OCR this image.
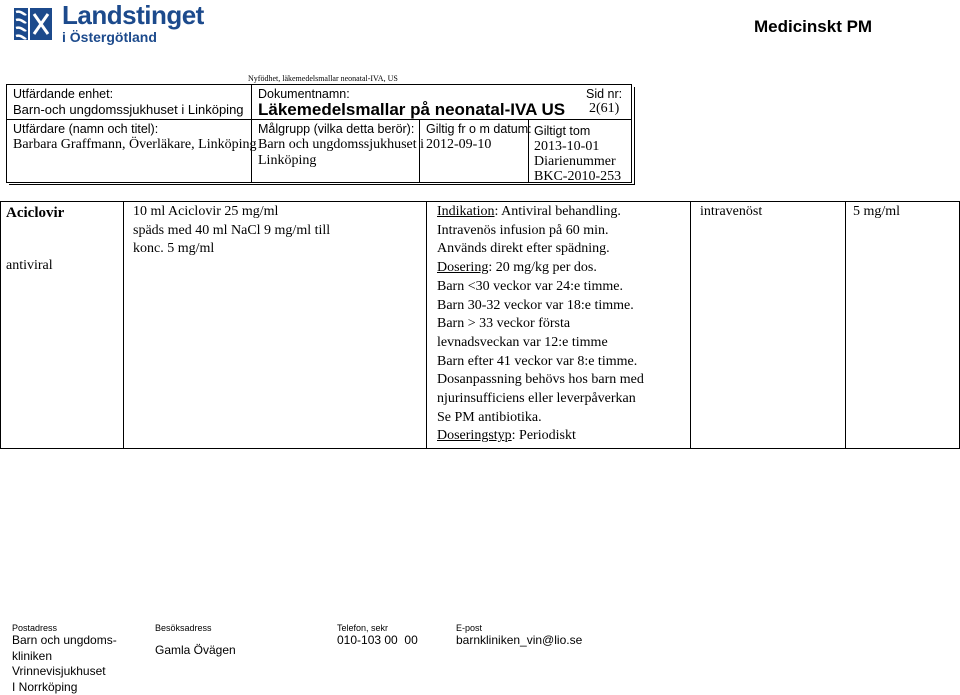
Landstinget
i Östergötland
Medicinskt PM
Nyfödhet, läkemedelsmallar neonatal-IVA, US
Utfärdande enhet:
Barn-och ungdomssjukhuset i Linköping
Dokumentnamn:
Läkemedelsmallar på neonatal-IVA US
Sid nr:
2(61)
Utfärdare (namn och titel):
Barbara Graffmann, Överläkare, Linköping
Målgrupp (vilka detta berör):
Barn och ungdomssjukhuset i
Linköping
Giltig fr o m datum:
2012-09-10
Giltigt tom
2013-10-01
Diarienummer
BKC-2010-253
Aciclovir
antiviral
10 ml Aciclovir 25 mg/ml
späds med 40 ml NaCl 9 mg/ml till
konc. 5 mg/ml
Indikation: Antiviral behandling.
Intravenös infusion på 60 min.
Används direkt efter spädning.
Dosering: 20 mg/kg per dos.
Barn <30 veckor var 24:e timme.
Barn 30-32 veckor var 18:e timme.
Barn > 33 veckor första
levnadsveckan var 12:e timme
Barn efter 41 veckor var 8:e timme.
Dosanpassning behövs hos barn med
njurinsufficiens eller leverpåverkan
Se PM antibiotika.
Doseringstyp: Periodiskt
intravenöst	5 mg/ml
Postadress
Barn och ungdoms-
kliniken
Vrinnevisjukhuset
I Norrköping
Besöksadress
Gamla Övägen
Telefon, sekr
010-103 00  00
E-post
barnkliniken_vin@lio.se
